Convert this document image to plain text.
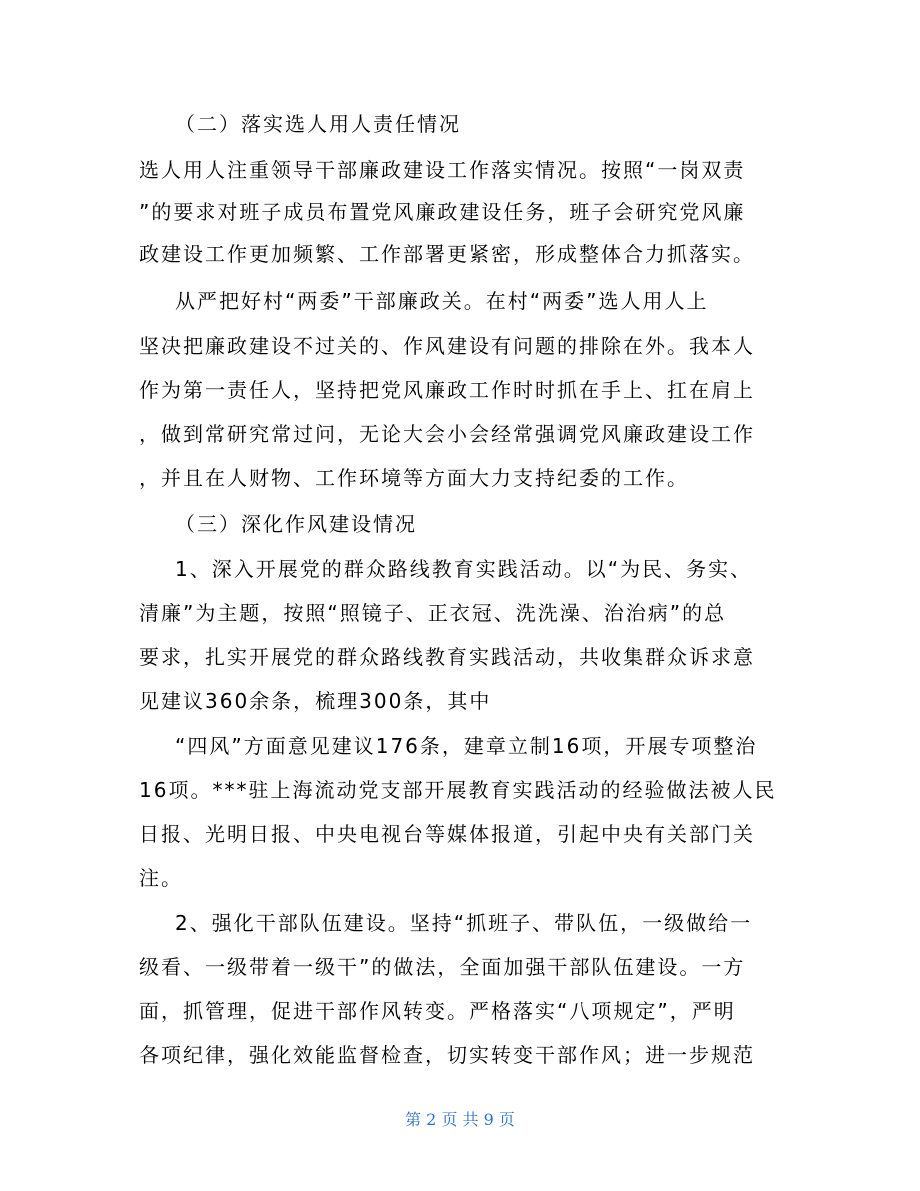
（二）落实选人用人责任情况
选人用人注重领导干部廉政建设工作落实情况。按照“一岗双责
”的要求对班子成员布置党风廉政建设任务，班子会研究党风廉
政建设工作更加频繁、工作部署更紧密，形成整体合力抓落实。
从严把好村“两委”干部廉政关。在村“两委”选人用人上
坚决把廉政建设不过关的、作风建设有问题的排除在外。我本人
作为第一责任人，坚持把党风廉政工作时时抓在手上、扛在肩上
，做到常研究常过问，无论大会小会经常强调党风廉政建设工作
，并且在人财物、工作环境等方面大力支持纪委的工作。
（三）深化作风建设情况
1、深入开展党的群众路线教育实践活动。以“为民、务实、
清廉”为主题，按照“照镜子、正衣冠、洗洗澡、治治病”的总
要求，扎实开展党的群众路线教育实践活动，共收集群众诉求意
见建议360余条，梳理300条，其中
“四风”方面意见建议176条，建章立制16项，开展专项整治
16项。***驻上海流动党支部开展教育实践活动的经验做法被人民
日报、光明日报、中央电视台等媒体报道，引起中央有关部门关
注。
2、强化干部队伍建设。坚持“抓班子、带队伍，一级做给一
级看、一级带着一级干”的做法，全面加强干部队伍建设。一方
面，抓管理，促进干部作风转变。严格落实“八项规定”，严明
各项纪律，强化效能监督检查，切实转变干部作风；进一步规范
第 2 页 共 9 页
